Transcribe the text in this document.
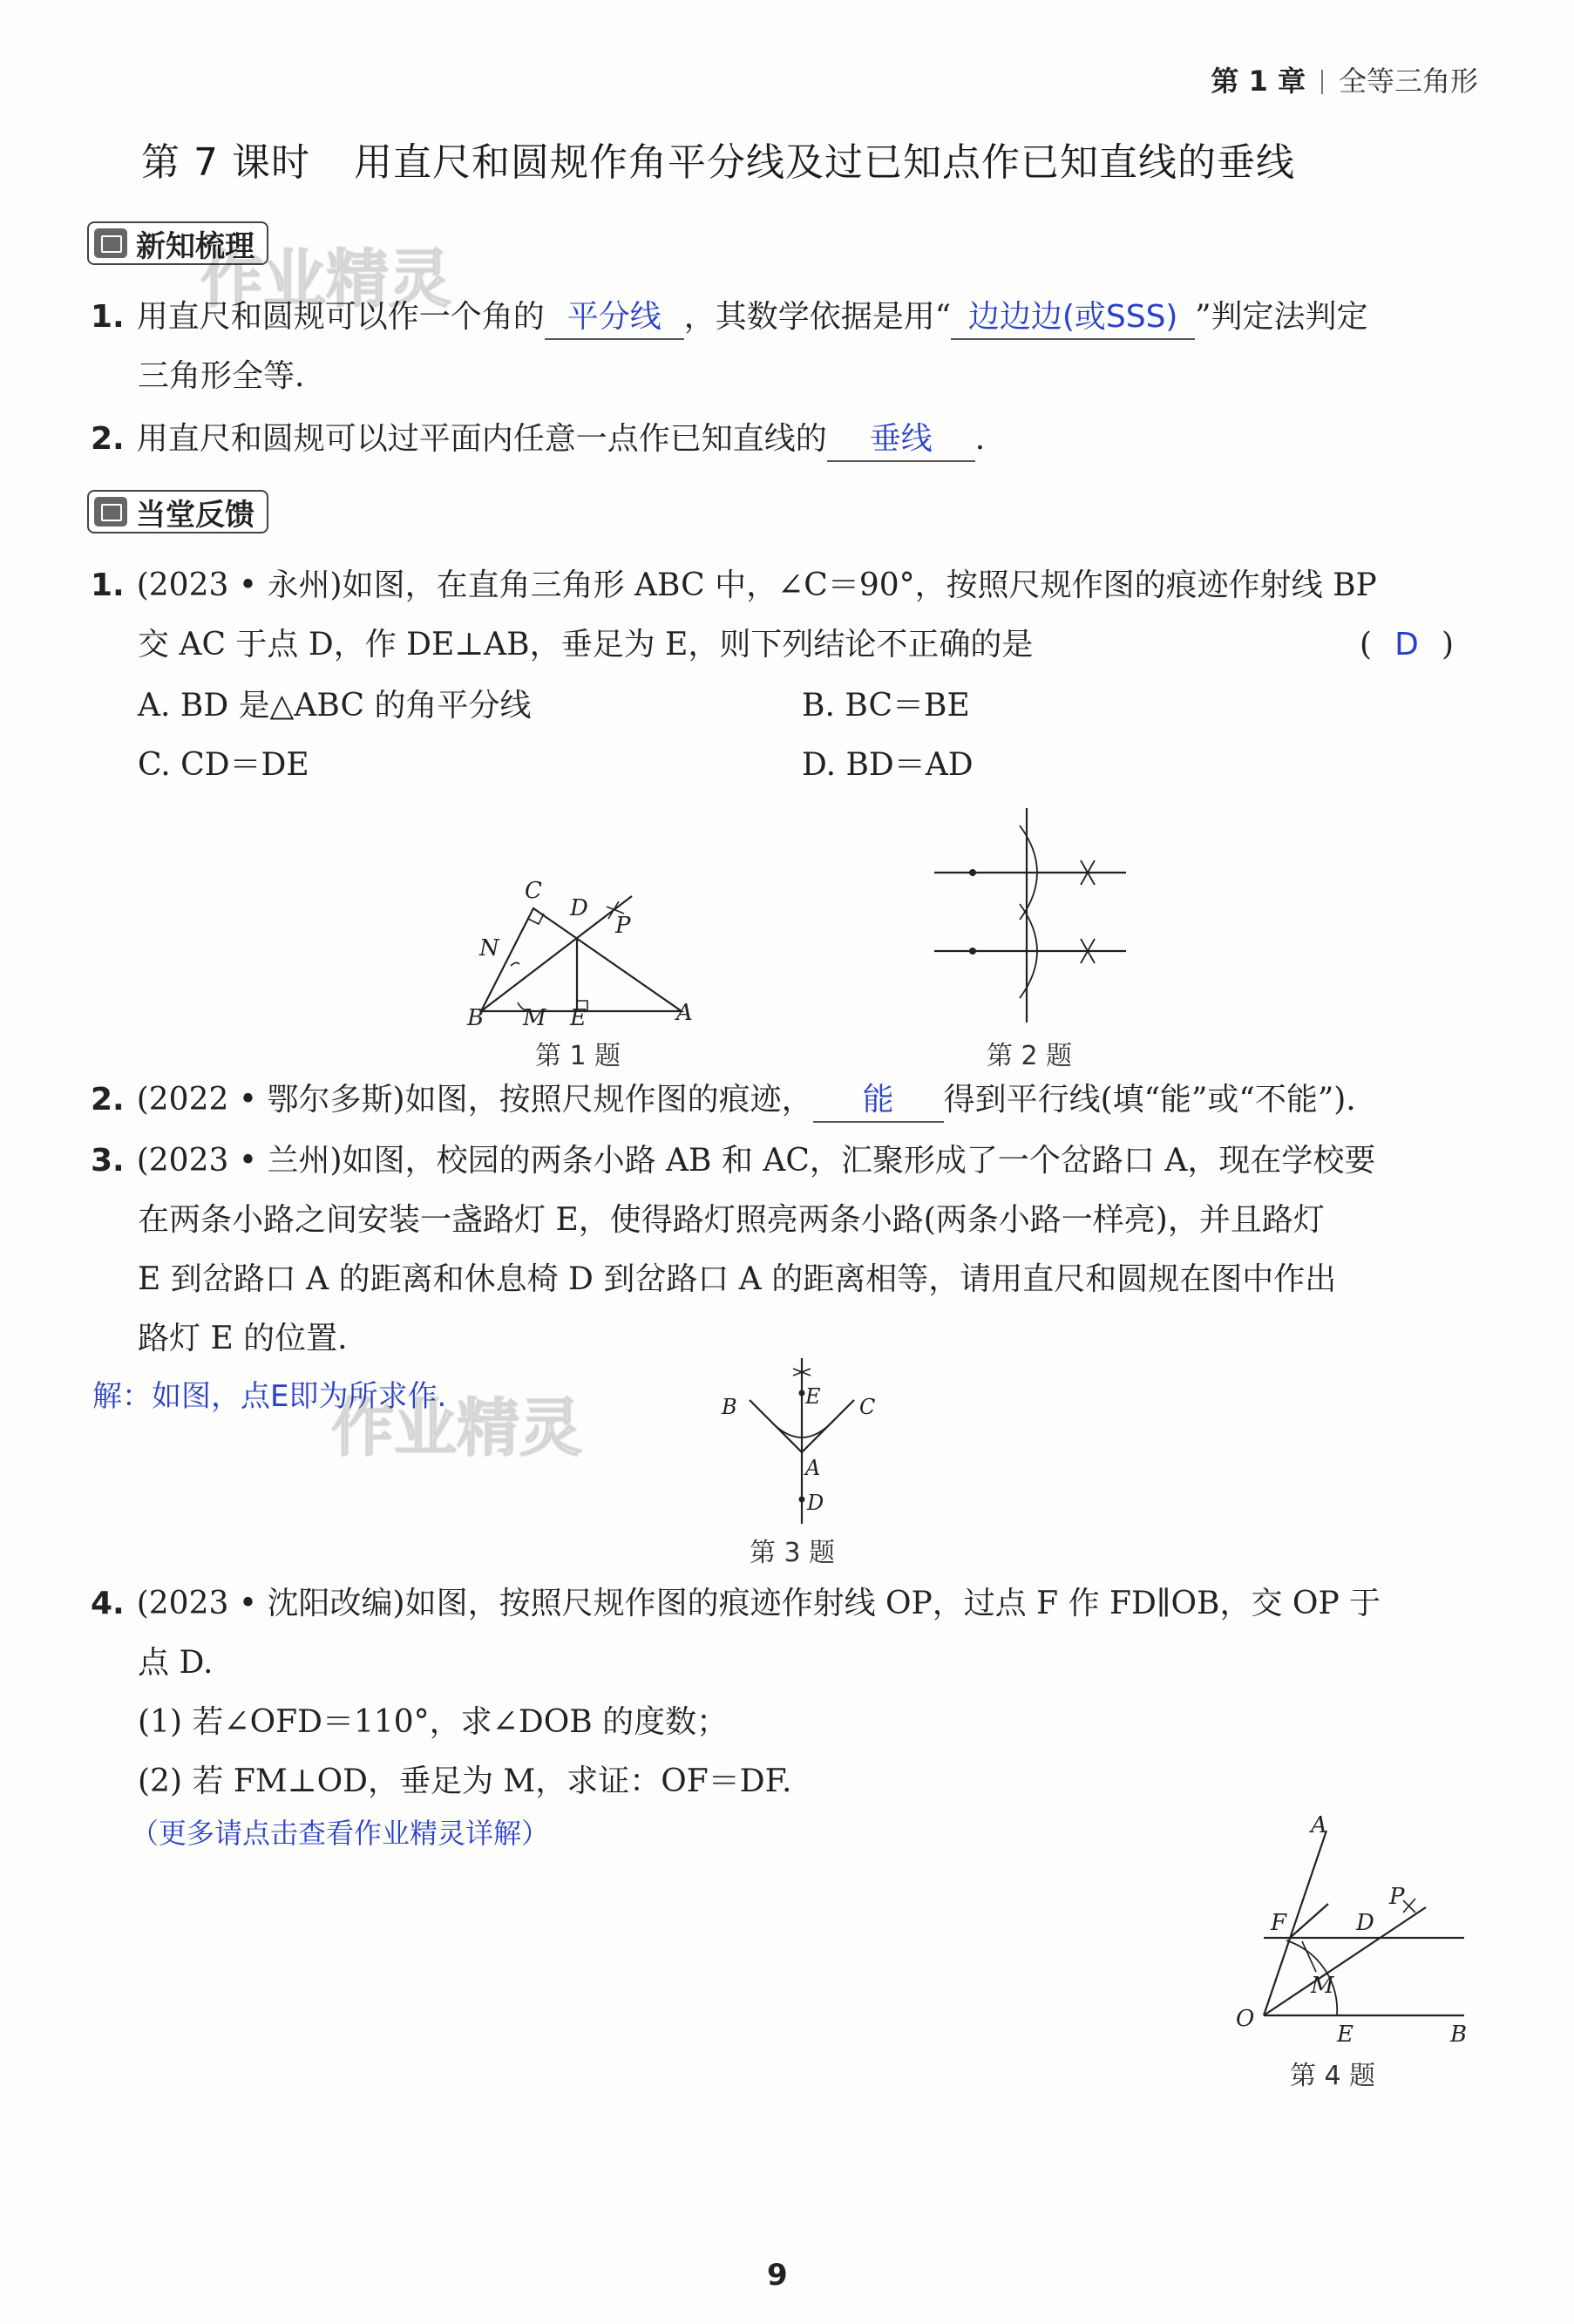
第 1 章 全等三角形
第 7 课时 用直尺和圆规作角平分线及过已知点作已知直线的垂线
新知梳理
1. 用直尺和圆规可以作一个角的 平分线 ，其数学依据是用“ 边边边(或SSS) ”判定法判定
三角形全等.
2. 用直尺和圆规可以过平面内任意一点作已知直线的 垂线 .
当堂反馈
1. (2023 • 永州)如图，在直角三角形 ABC 中，∠C＝90°，按照尺规作图的痕迹作射线 BP
交 AC 于点 D，作 DE⊥AB，垂足为 E，则下列结论不正确的是	( D )
A. BD 是△ABC 的角平分线	B. BC＝BE
C. CD＝DE	D. BD＝AD
C
D
N
P
B M E	A
第 1 题	第 2 题
2. (2022 • 鄂尔多斯)如图，按照尺规作图的痕迹， 能 得到平行线(填“能”或“不能”).
3. (2023 • 兰州)如图，校园的两条小路 AB 和 AC，汇聚形成了一个岔路口 A，现在学校要
在两条小路之间安装一盏路灯 E，使得路灯照亮两条小路(两条小路一样亮)，并且路灯
E 到岔路口 A 的距离和休息椅 D 到岔路口 A 的距离相等，请用直尺和圆规在图中作出
路灯 E 的位置.
解：如图，点E即为所求作.	B	E C
A
D
第 3 题
4. (2023 • 沈阳改编)如图，按照尺规作图的痕迹作射线 OP，过点 F 作 FD∥OB，交 OP 于
点 D.
(1) 若∠OFD＝110°，求∠DOB 的度数；
(2) 若 FM⊥OD，垂足为 M，求证：OF＝DF.
（更多请点击查看作业精灵详解）	A
F	D
P
M
O
E	B
第 4 题
作业精灵
作业精灵
9
